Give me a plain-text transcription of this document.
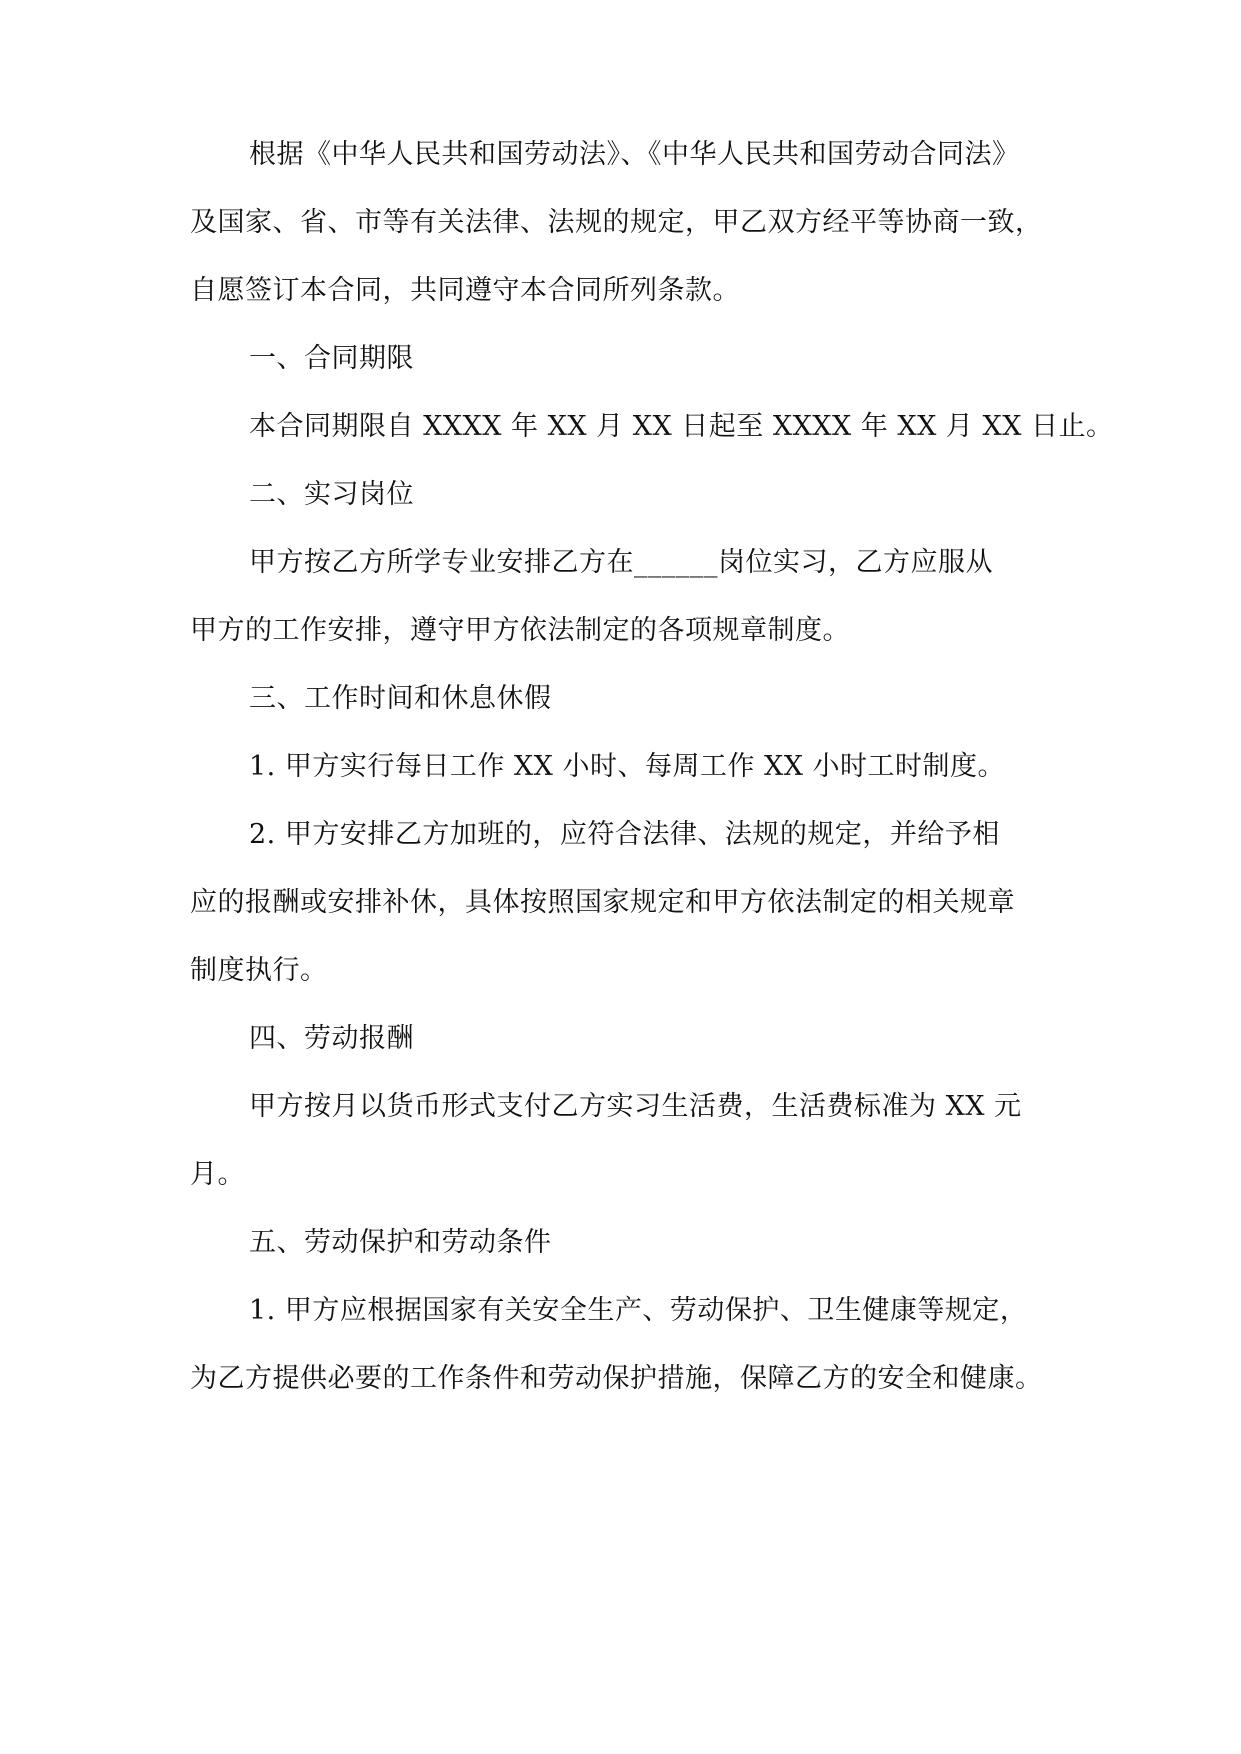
根据《中华人民共和国劳动法》、《中华人民共和国劳动合同法》
及国家、省、市等有关法律、法规的规定，甲乙双方经平等协商一致，
自愿签订本合同，共同遵守本合同所列条款。
一、合同期限
本合同期限自 XXXX 年 XX 月 XX 日起至 XXXX 年 XX 月 XX 日止。
二、实习岗位
甲方按乙方所学专业安排乙方在______岗位实习，乙方应服从
甲方的工作安排，遵守甲方依法制定的各项规章制度。
三、工作时间和休息休假
1. 甲方实行每日工作 XX 小时、每周工作 XX 小时工时制度。
2. 甲方安排乙方加班的，应符合法律、法规的规定，并给予相
应的报酬或安排补休，具体按照国家规定和甲方依法制定的相关规章
制度执行。
四、劳动报酬
甲方按月以货币形式支付乙方实习生活费，生活费标准为 XX 元
月。
五、劳动保护和劳动条件
1. 甲方应根据国家有关安全生产、劳动保护、卫生健康等规定，
为乙方提供必要的工作条件和劳动保护措施，保障乙方的安全和健康。
